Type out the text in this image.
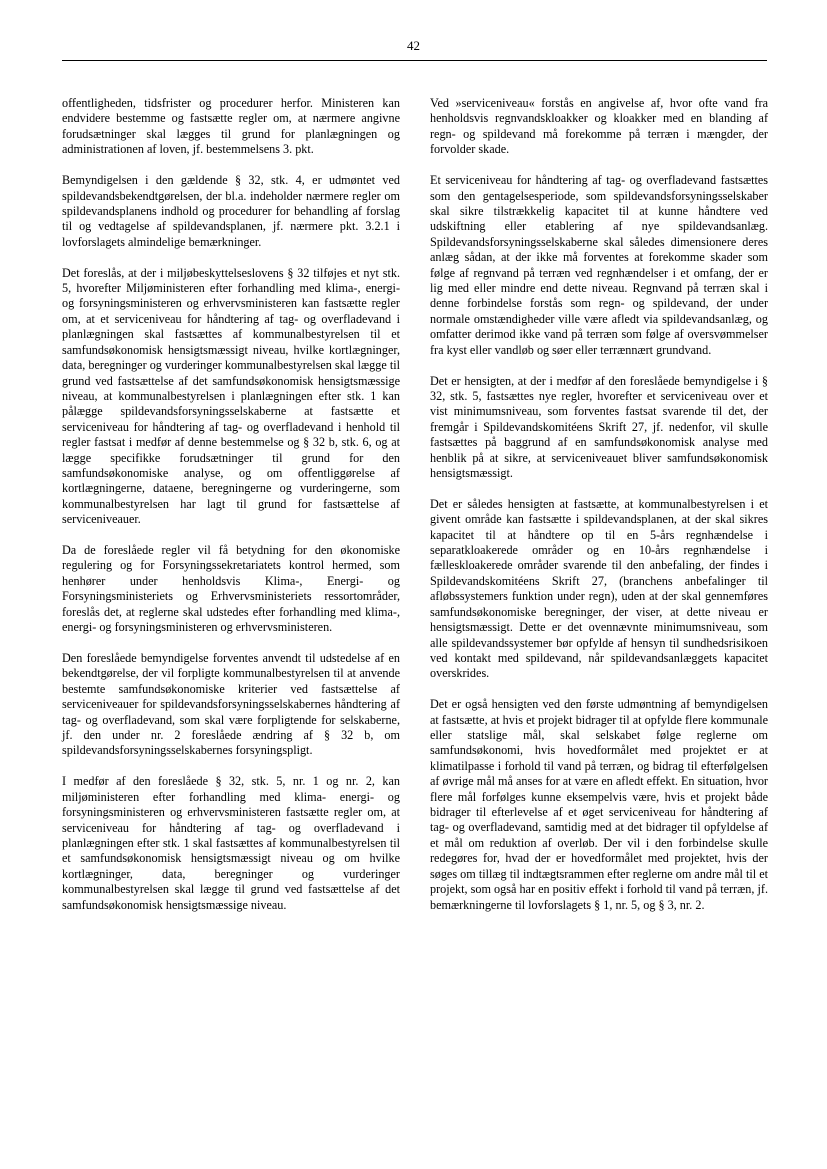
42

offentligheden, tidsfrister og procedurer herfor. Ministeren kan endvidere bestemme og fastsætte regler om, at nærmere angivne forudsætninger skal lægges til grund for planlægningen og administrationen af loven, jf. bestemmelsens 3. pkt.

Bemyndigelsen i den gældende § 32, stk. 4, er udmøntet ved spildevandsbekendtgørelsen, der bl.a. indeholder nærmere regler om spildevandsplanens indhold og procedurer for behandling af forslag til og vedtagelse af spildevandsplanen, jf. nærmere pkt. 3.2.1 i lovforslagets almindelige bemærkninger.

Det foreslås, at der i miljøbeskyttelseslovens § 32 tilføjes et nyt stk. 5, hvorefter Miljøministeren efter forhandling med klima-, energi- og forsyningsministeren og erhvervsministeren kan fastsætte regler om, at et serviceniveau for håndtering af tag- og overfladevand i planlægningen skal fastsættes af kommunalbestyrelsen til et samfundsøkonomisk hensigtsmæssigt niveau, hvilke kortlægninger, data, beregninger og vurderinger kommunalbestyrelsen skal lægge til grund ved fastsættelse af det samfundsøkonomisk hensigtsmæssige niveau, at kommunalbestyrelsen i planlægningen efter stk. 1 kan pålægge spildevandsforsyningsselskaberne at fastsætte et serviceniveau for håndtering af tag- og overfladevand i henhold til regler fastsat i medfør af denne bestemmelse og § 32 b, stk. 6, og at lægge specifikke forudsætninger til grund for den samfundsøkonomiske analyse, og om offentliggørelse af kortlægningerne, dataene, beregningerne og vurderingerne, som kommunalbestyrelsen har lagt til grund for fastsættelse af serviceniveauer.

Da de foreslåede regler vil få betydning for den økonomiske regulering og for Forsyningssekretariatets kontrol hermed, som henhører under henholdsvis Klima-, Energi- og Forsyningsministeriets og Erhvervsministeriets ressortområder, foreslås det, at reglerne skal udstedes efter forhandling med klima-, energi- og forsyningsministeren og erhvervsministeren.

Den foreslåede bemyndigelse forventes anvendt til udstedelse af en bekendtgørelse, der vil forpligte kommunalbestyrelsen til at anvende bestemte samfundsøkonomiske kriterier ved fastsættelse af serviceniveauer for spildevandsforsyningsselskabernes håndtering af tag- og overfladevand, som skal være forpligtende for selskaberne, jf. den under nr. 2 foreslåede ændring af § 32 b, om spildevandsforsyningsselskabernes forsyningspligt.

I medfør af den foreslåede § 32, stk. 5, nr. 1 og nr. 2, kan miljøministeren efter forhandling med klima- energi- og forsyningsministeren og erhvervsministeren fastsætte regler om, at serviceniveau for håndtering af tag- og overfladevand i planlægningen efter stk. 1 skal fastsættes af kommunalbestyrelsen til et samfundsøkonomisk hensigtsmæssigt niveau og om hvilke kortlægninger, data, beregninger og vurderinger kommunalbestyrelsen skal lægge til grund ved fastsættelse af det samfundsøkonomisk hensigtsmæssige niveau.

Ved »serviceniveau« forstås en angivelse af, hvor ofte vand fra henholdsvis regnvandskloakker og kloakker med en blanding af regn- og spildevand må forekomme på terræn i mængder, der forvolder skade.

Et serviceniveau for håndtering af tag- og overfladevand fastsættes som den gentagelsesperiode, som spildevandsforsyningsselskaber skal sikre tilstrækkelig kapacitet til at kunne håndtere ved udskiftning eller etablering af nye spildevandsanlæg. Spildevandsforsyningsselskaberne skal således dimensionere deres anlæg sådan, at der ikke må forventes at forekomme skader som følge af regnvand på terræn ved regnhændelser i et omfang, der er lig med eller mindre end dette niveau. Regnvand på terræn skal i denne forbindelse forstås som regn- og spildevand, der under normale omstændigheder ville være afledt via spildevandsanlæg, og omfatter derimod ikke vand på terræn som følge af oversvømmelser fra kyst eller vandløb og søer eller terrænnært grundvand.

Det er hensigten, at der i medfør af den foreslåede bemyndigelse i § 32, stk. 5, fastsættes nye regler, hvorefter et serviceniveau over et vist minimumsniveau, som forventes fastsat svarende til det, der fremgår i Spildevandskomitéens Skrift 27, jf. nedenfor, vil skulle fastsættes på baggrund af en samfundsøkonomisk analyse med henblik på at sikre, at serviceniveauet bliver samfundsøkonomisk hensigtsmæssigt.

Det er således hensigten at fastsætte, at kommunalbestyrelsen i et givent område kan fastsætte i spildevandsplanen, at der skal sikres kapacitet til at håndtere op til en 5-års regnhændelse i separatkloakerede områder og en 10-års regnhændelse i fælleskloakerede områder svarende til den anbefaling, der findes i Spildevandskomitéens Skrift 27, (branchens anbefalinger til afløbssystemers funktion under regn), uden at der skal gennemføres samfundsøkonomiske beregninger, der viser, at dette niveau er hensigtsmæssigt. Dette er det ovennævnte minimumsniveau, som alle spildevandssystemer bør opfylde af hensyn til sundhedsrisikoen ved kontakt med spildevand, når spildevandsanlæggets kapacitet overskrides.

Det er også hensigten ved den første udmøntning af bemyndigelsen at fastsætte, at hvis et projekt bidrager til at opfylde flere kommunale eller statslige mål, skal selskabet følge reglerne om samfundsøkonomi, hvis hovedformålet med projektet er at klimatilpasse i forhold til vand på terræn, og bidrag til efterfølgelsen af øvrige mål må anses for at være en afledt effekt. En situation, hvor flere mål forfølges kunne eksempelvis være, hvis et projekt både bidrager til efterlevelse af et øget serviceniveau for håndtering af tag- og overfladevand, samtidig med at det bidrager til opfyldelse af et mål om reduktion af overløb. Der vil i den forbindelse skulle redegøres for, hvad der er hovedformålet med projektet, hvis der søges om tillæg til indtægtsrammen efter reglerne om andre mål til et projekt, som også har en positiv effekt i forhold til vand på terræn, jf. bemærkningerne til lovforslagets § 1, nr. 5, og § 3, nr. 2.
